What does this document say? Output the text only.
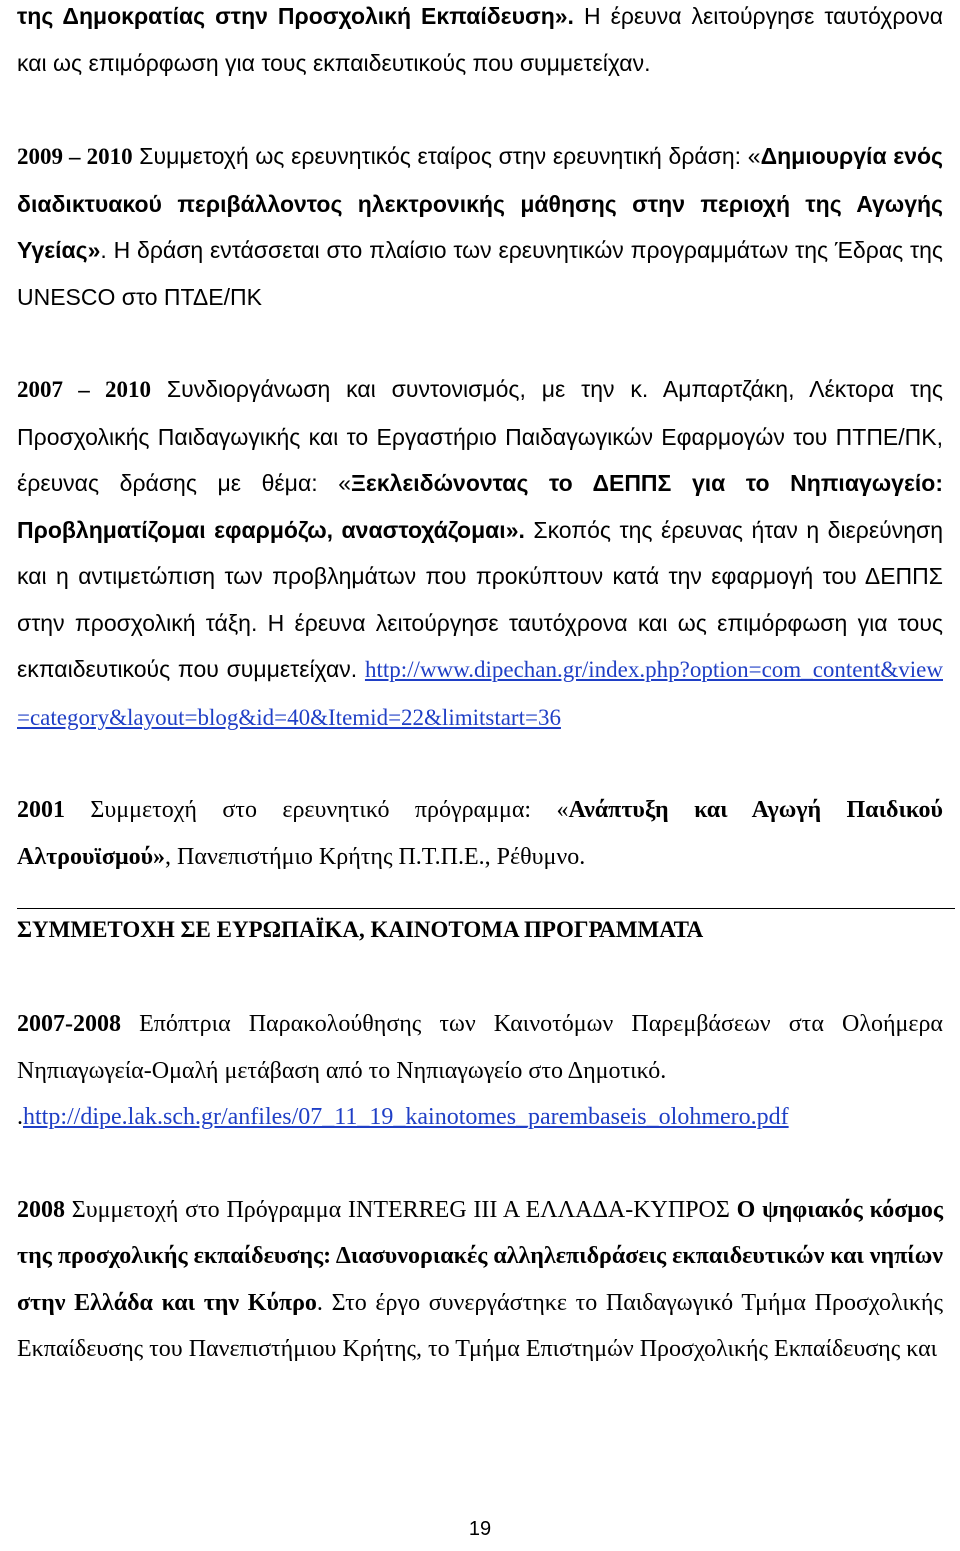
της Δημοκρατίας στην Προσχολική Εκπαίδευση». Η έρευνα λειτούργησε ταυτόχρονα και ως επιμόρφωση για τους εκπαιδευτικούς που συμμετείχαν.

2009 – 2010 Συμμετοχή ως ερευνητικός εταίρος στην ερευνητική δράση: «Δημιουργία ενός διαδικτυακού περιβάλλοντος ηλεκτρονικής μάθησης στην περιοχή της Αγωγής Υγείας». Η δράση εντάσσεται στο πλαίσιο των ερευνητικών προγραμμάτων της Έδρας της UNESCO στο ΠΤΔΕ/ΠΚ

2007 – 2010 Συνδιοργάνωση και συντονισμός, με την κ. Αμπαρτζάκη, Λέκτορα της Προσχολικής Παιδαγωγικής και το Εργαστήριο Παιδαγωγικών Εφαρμογών του ΠΤΠΕ/ΠΚ, έρευνας δράσης με θέμα: «Ξεκλειδώνοντας το ΔΕΠΠΣ για το Νηπιαγωγείο: Προβληματίζομαι εφαρμόζω, αναστοχάζομαι». Σκοπός της έρευνας ήταν η διερεύνηση και η αντιμετώπιση των προβλημάτων που προκύπτουν κατά την εφαρμογή του ΔΕΠΠΣ στην προσχολική τάξη. Η έρευνα λειτούργησε ταυτόχρονα και ως επιμόρφωση για τους εκπαιδευτικούς που συμμετείχαν. http://www.dipechan.gr/index.php?option=com_content&view=category&layout=blog&id=40&Itemid=22&limitstart=36

2001 Συμμετοχή στο ερευνητικό πρόγραμμα: «Ανάπτυξη και Αγωγή Παιδικού Αλτρουϊσμού», Πανεπιστήμιο Κρήτης Π.Τ.Π.Ε., Ρέθυμνο.

ΣΥΜΜΕΤΟΧΗ ΣΕ ΕΥΡΩΠΑΪΚΑ, ΚΑΙΝΟΤΟΜΑ ΠΡΟΓΡΑΜΜΑΤΑ

2007-2008 Επόπτρια Παρακολούθησης των Καινοτόμων Παρεμβάσεων στα Ολοήμερα Νηπιαγωγεία-Ομαλή μετάβαση από το Νηπιαγωγείο στο Δημοτικό.
.http://dipe.lak.sch.gr/anfiles/07_11_19_kainotomes_parembaseis_olohmero.pdf

2008 Συμμετοχή στο Πρόγραμμα INTERREG III A ΕΛΛΑΔΑ-ΚΥΠΡΟΣ Ο ψηφιακός κόσμος της προσχολικής εκπαίδευσης: Διασυνοριακές αλληλεπιδράσεις εκπαιδευτικών και νηπίων στην Ελλάδα και την Κύπρο. Στο έργο συνεργάστηκε το Παιδαγωγικό Τμήμα Προσχολικής Εκπαίδευσης του Πανεπιστήμιου Κρήτης, το Τμήμα Επιστημών Προσχολικής Εκπαίδευσης και

19
